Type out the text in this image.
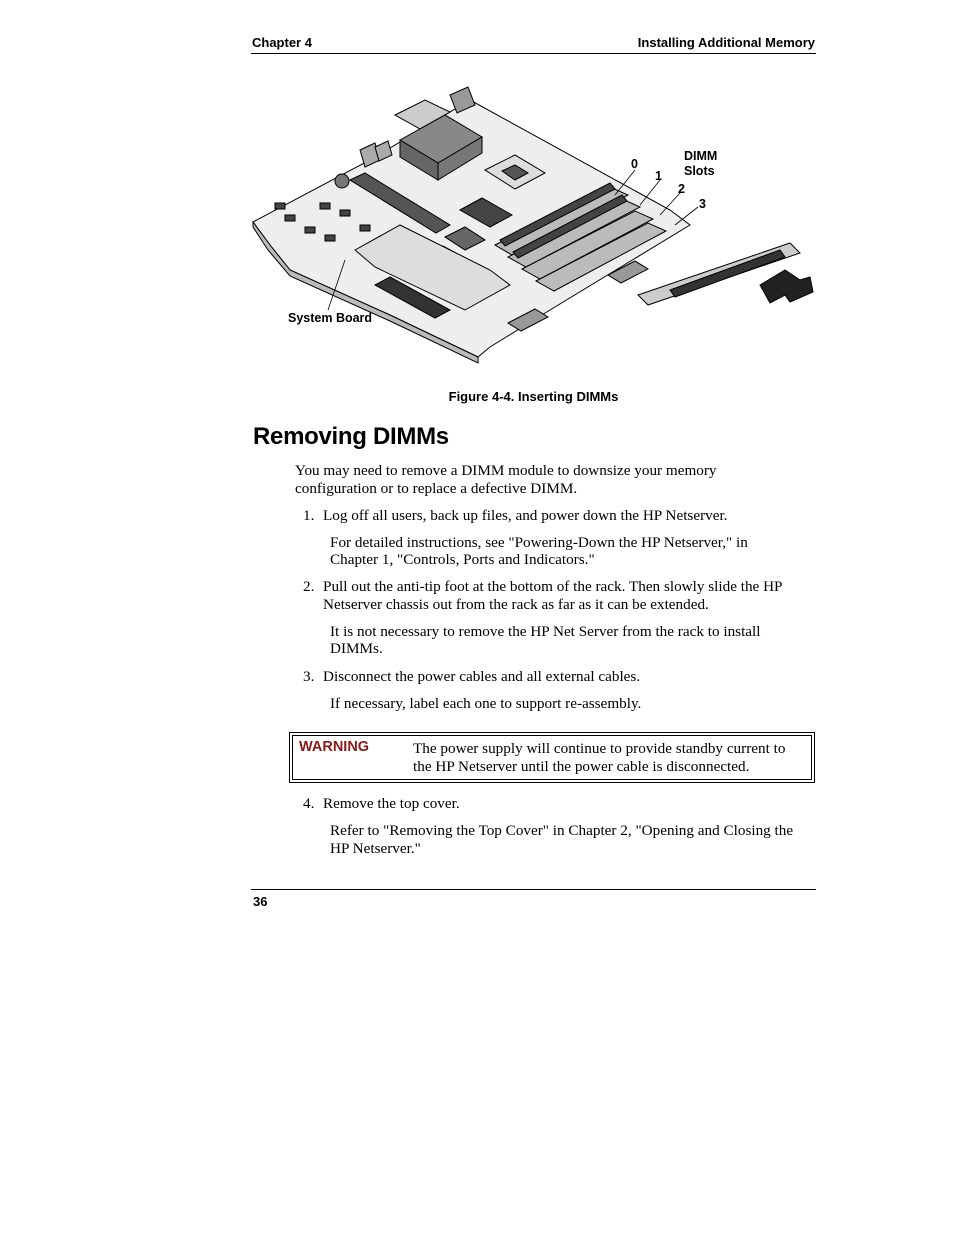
Chapter 4	Installing Additional Memory
0
1
2
3
DIMM
Slots
System Board
Figure 4-4. Inserting DIMMs
Removing DIMMs
You may need to remove a DIMM module to downsize your memory
configuration or to replace a defective DIMM.
1. Log off all users, back up files, and power down the HP Netserver.
For detailed instructions, see "Powering-Down the HP Netserver," in
Chapter 1, "Controls, Ports and Indicators."
2. Pull out the anti-tip foot at the bottom of the rack. Then slowly slide the HP
Netserver chassis out from the rack as far as it can be extended.
It is not necessary to remove the HP Net Server from the rack to install
DIMMs.
3. Disconnect the power cables and all external cables.
If necessary, label each one to support re-assembly.
WARNING	The power supply will continue to provide standby current to
the HP Netserver until the power cable is disconnected.
4. Remove the top cover.
Refer to "Removing the Top Cover" in Chapter 2, "Opening and Closing the
HP Netserver."
36
